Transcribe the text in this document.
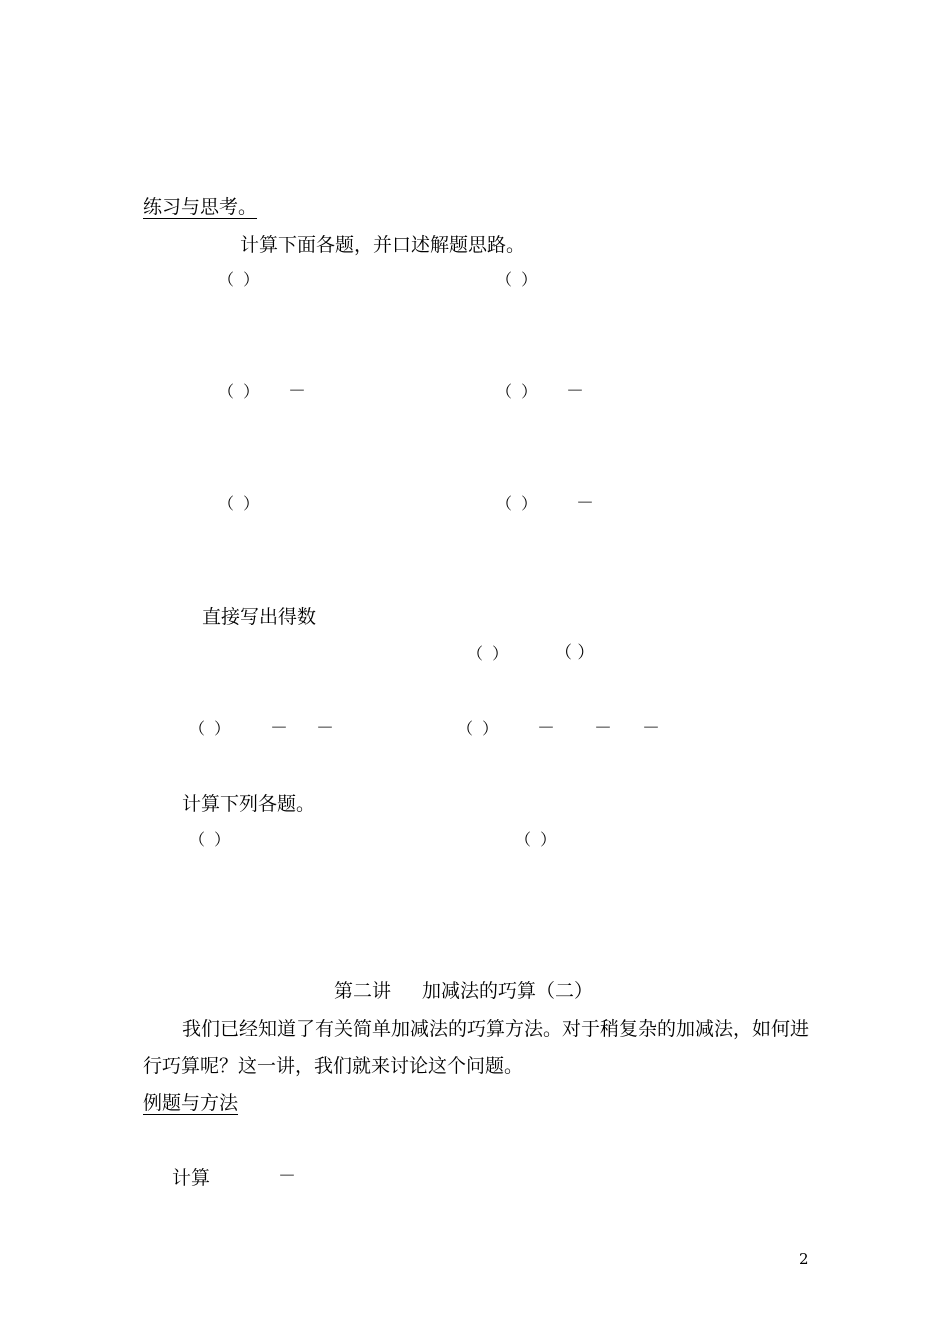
练习与思考。
计算下面各题，并口述解题思路。
（ ）	（ ）
（ ） －	（ ） －
（ ）	（ ） －
直接写出得数
（ ）	（ ）
（ ） － －	（ ） － － －
计算下列各题。
（ ）	（ ）
第二讲 加减法的巧算（二）
我们已经知道了有关简单加减法的巧算方法。对于稍复杂的加减法，如何进
行巧算呢？这一讲，我们就来讨论这个问题。
例题与方法
计算	－
2
